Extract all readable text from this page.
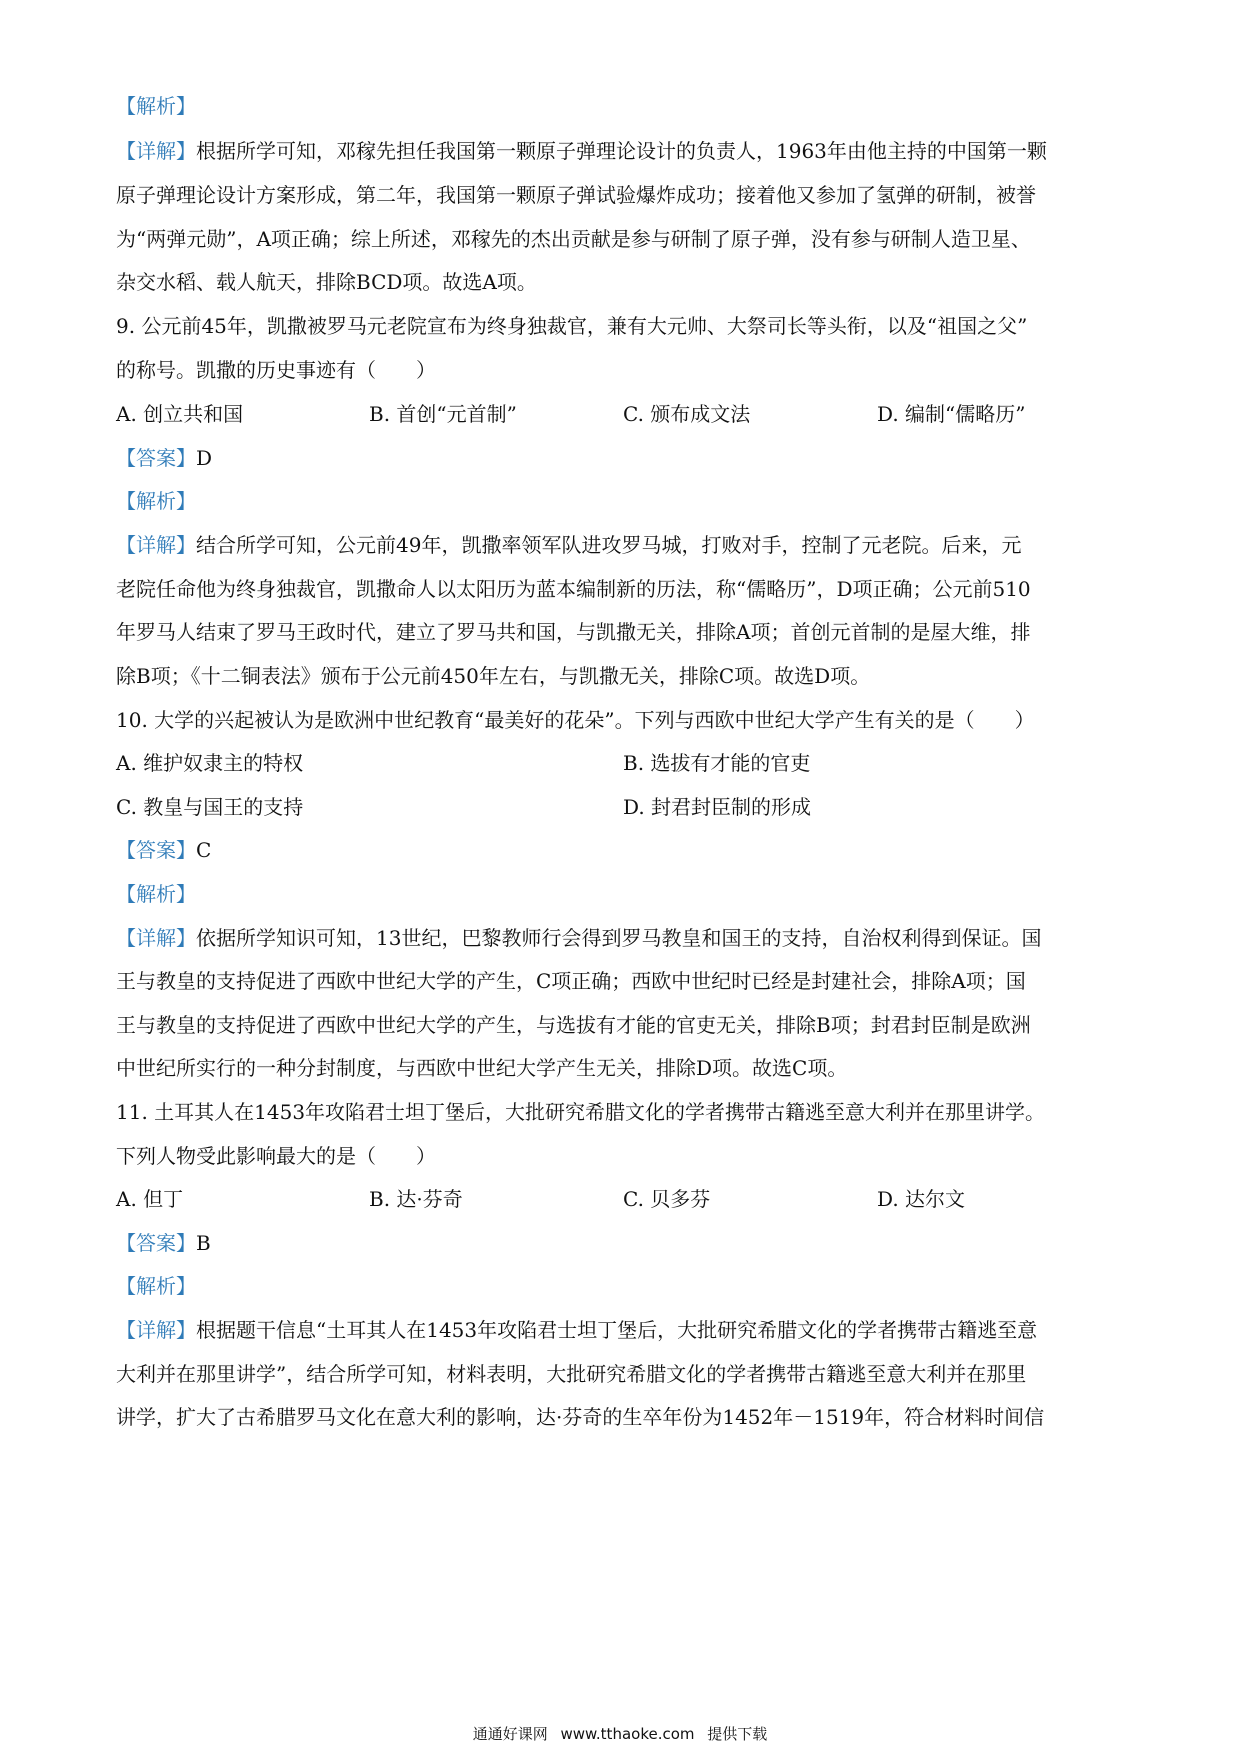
【解析】
【详解】根据所学可知，邓稼先担任我国第一颗原子弹理论设计的负责人，1963年由他主持的中国第一颗
原子弹理论设计方案形成，第二年，我国第一颗原子弹试验爆炸成功；接着他又参加了氢弹的研制，被誉
为“两弹元勋”，A项正确；综上所述，邓稼先的杰出贡献是参与研制了原子弹，没有参与研制人造卫星、
杂交水稻、载人航天，排除BCD项。故选A项。
9. 公元前45年，凯撒被罗马元老院宣布为终身独裁官，兼有大元帅、大祭司长等头衔，以及“祖国之父”
的称号。凯撒的历史事迹有（　　）
A. 创立共和国	B. 首创“元首制”	C. 颁布成文法	D. 编制“儒略历”
【答案】D
【解析】
【详解】结合所学可知，公元前49年，凯撒率领军队进攻罗马城，打败对手，控制了元老院。后来，元
老院任命他为终身独裁官，凯撒命人以太阳历为蓝本编制新的历法，称“儒略历”，D项正确；公元前510
年罗马人结束了罗马王政时代，建立了罗马共和国，与凯撒无关，排除A项；首创元首制的是屋大维，排
除B项；《十二铜表法》颁布于公元前450年左右，与凯撒无关，排除C项。故选D项。
10. 大学的兴起被认为是欧洲中世纪教育“最美好的花朵”。下列与西欧中世纪大学产生有关的是（　　）
A. 维护奴隶主的特权	B. 选拔有才能的官吏
C. 教皇与国王的支持	D. 封君封臣制的形成
【答案】C
【解析】
【详解】依据所学知识可知，13世纪，巴黎教师行会得到罗马教皇和国王的支持，自治权利得到保证。国
王与教皇的支持促进了西欧中世纪大学的产生，C项正确；西欧中世纪时已经是封建社会，排除A项；国
王与教皇的支持促进了西欧中世纪大学的产生，与选拔有才能的官吏无关，排除B项；封君封臣制是欧洲
中世纪所实行的一种分封制度，与西欧中世纪大学产生无关，排除D项。故选C项。
11. 土耳其人在1453年攻陷君士坦丁堡后，大批研究希腊文化的学者携带古籍逃至意大利并在那里讲学。
下列人物受此影响最大的是（　　）
A. 但丁	B. 达·芬奇	C. 贝多芬	D. 达尔文
【答案】B
【解析】
【详解】根据题干信息“土耳其人在1453年攻陷君士坦丁堡后，大批研究希腊文化的学者携带古籍逃至意
大利并在那里讲学”，结合所学可知，材料表明，大批研究希腊文化的学者携带古籍逃至意大利并在那里
讲学，扩大了古希腊罗马文化在意大利的影响，达·芬奇的生卒年份为1452年－1519年，符合材料时间信
通通好课网 www.tthaoke.com 提供下载
